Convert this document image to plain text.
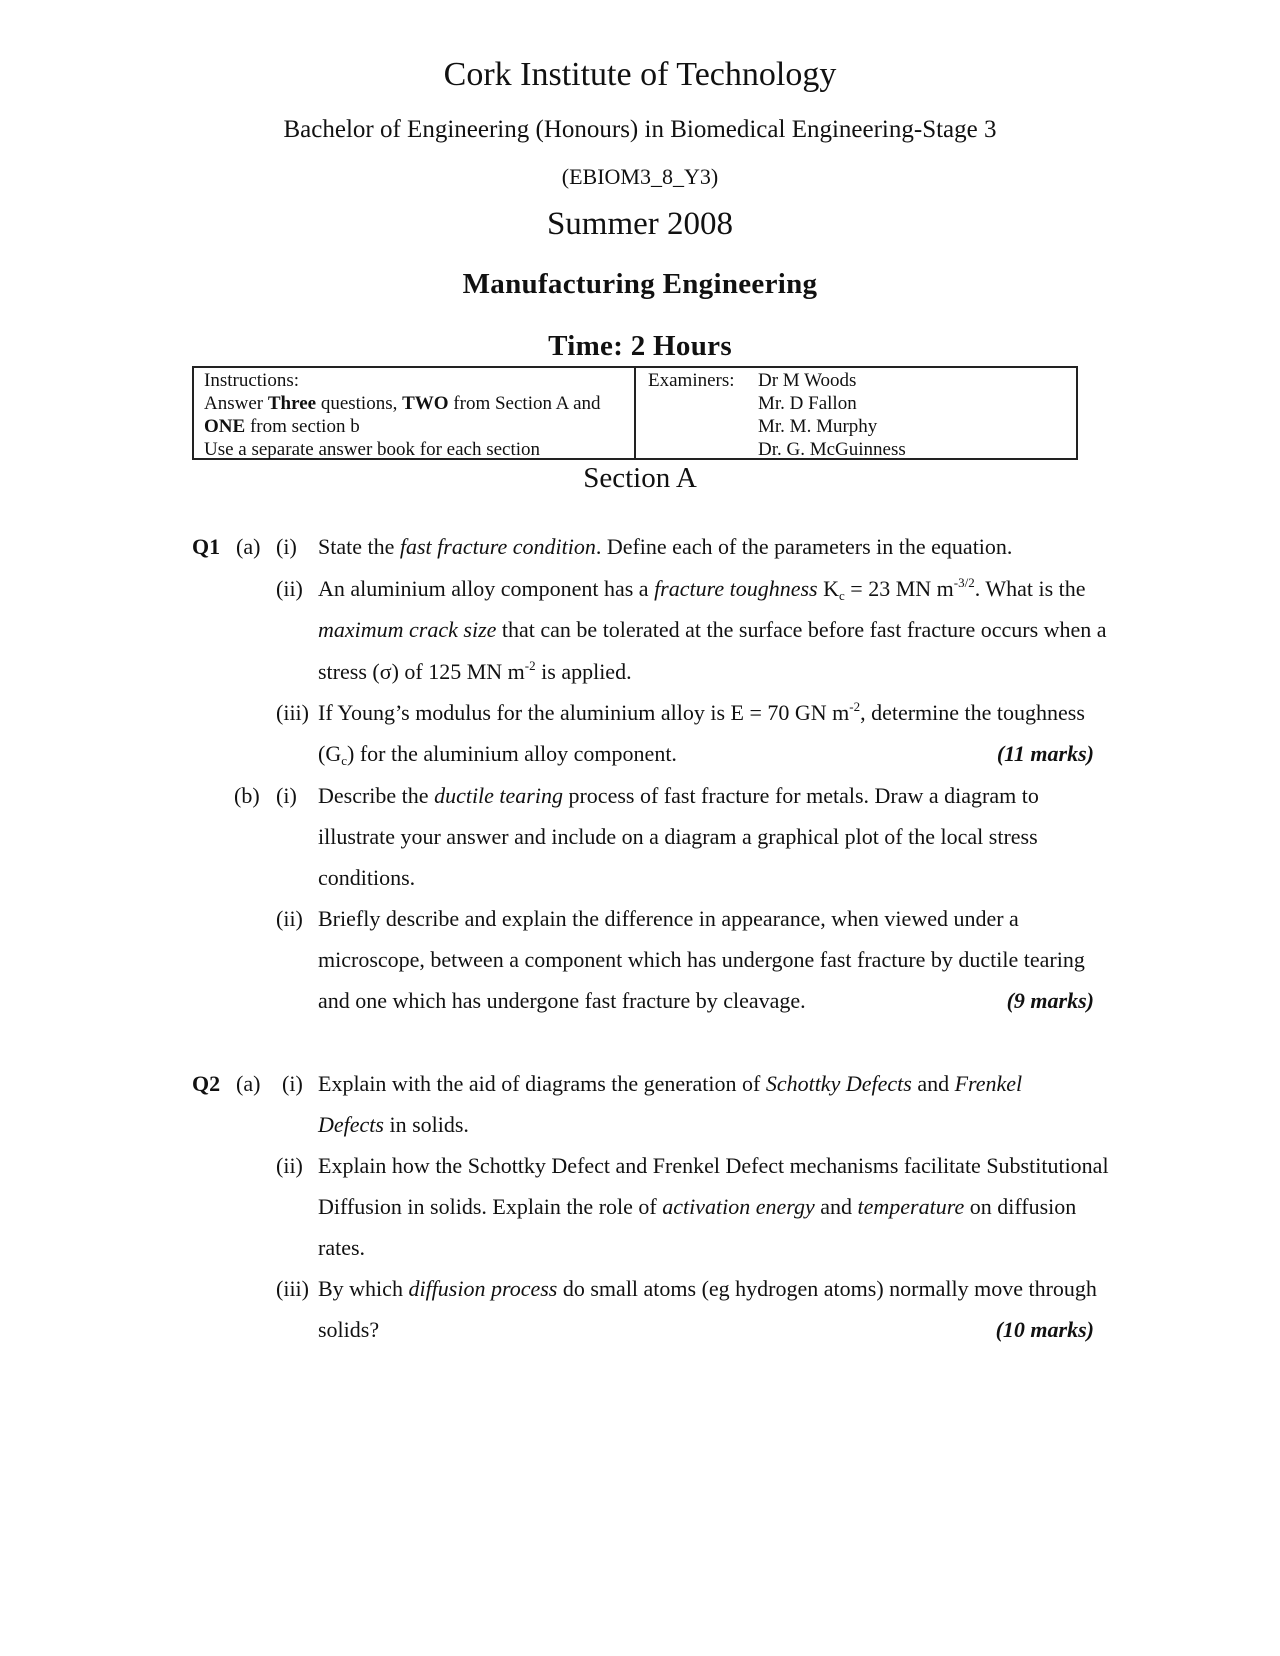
Cork Institute of Technology
Bachelor of Engineering (Honours) in Biomedical Engineering-Stage 3
(EBIOM3_8_Y3)
Summer 2008
Manufacturing Engineering
Time: 2 Hours
Instructions:
Answer Three questions, TWO from Section A and
ONE from section b
Use a separate answer book for each section
Examiners: Dr M Woods
Mr. D Fallon
Mr. M. Murphy
Dr. G. McGuinness
Section A
Q1 (a) (i) State the fast fracture condition. Define each of the parameters in the equation.
(ii) An aluminium alloy component has a fracture toughness $K_c = 23$ MN $m^{-3/2}$. What is the
maximum crack size that can be tolerated at the surface before fast fracture occurs when a
stress (σ) of 125 MN $m^{-2}$ is applied.
(iii) If Young’s modulus for the aluminium alloy is E = 70 GN $m^{-2}$, determine the toughness
$(G_c)$ for the aluminium alloy component.	(11 marks)
(b) (i) Describe the ductile tearing process of fast fracture for metals. Draw a diagram to
illustrate your answer and include on a diagram a graphical plot of the local stress
conditions.
(ii) Briefly describe and explain the difference in appearance, when viewed under a
microscope, between a component which has undergone fast fracture by ductile tearing
and one which has undergone fast fracture by cleavage.	(9 marks)
Q2 (a) (i) Explain with the aid of diagrams the generation of Schottky Defects and Frenkel
Defects in solids.
(ii) Explain how the Schottky Defect and Frenkel Defect mechanisms facilitate Substitutional
Diffusion in solids. Explain the role of activation energy and temperature on diffusion
rates.
(iii) By which diffusion process do small atoms (eg hydrogen atoms) normally move through
solids?	(10 marks)
